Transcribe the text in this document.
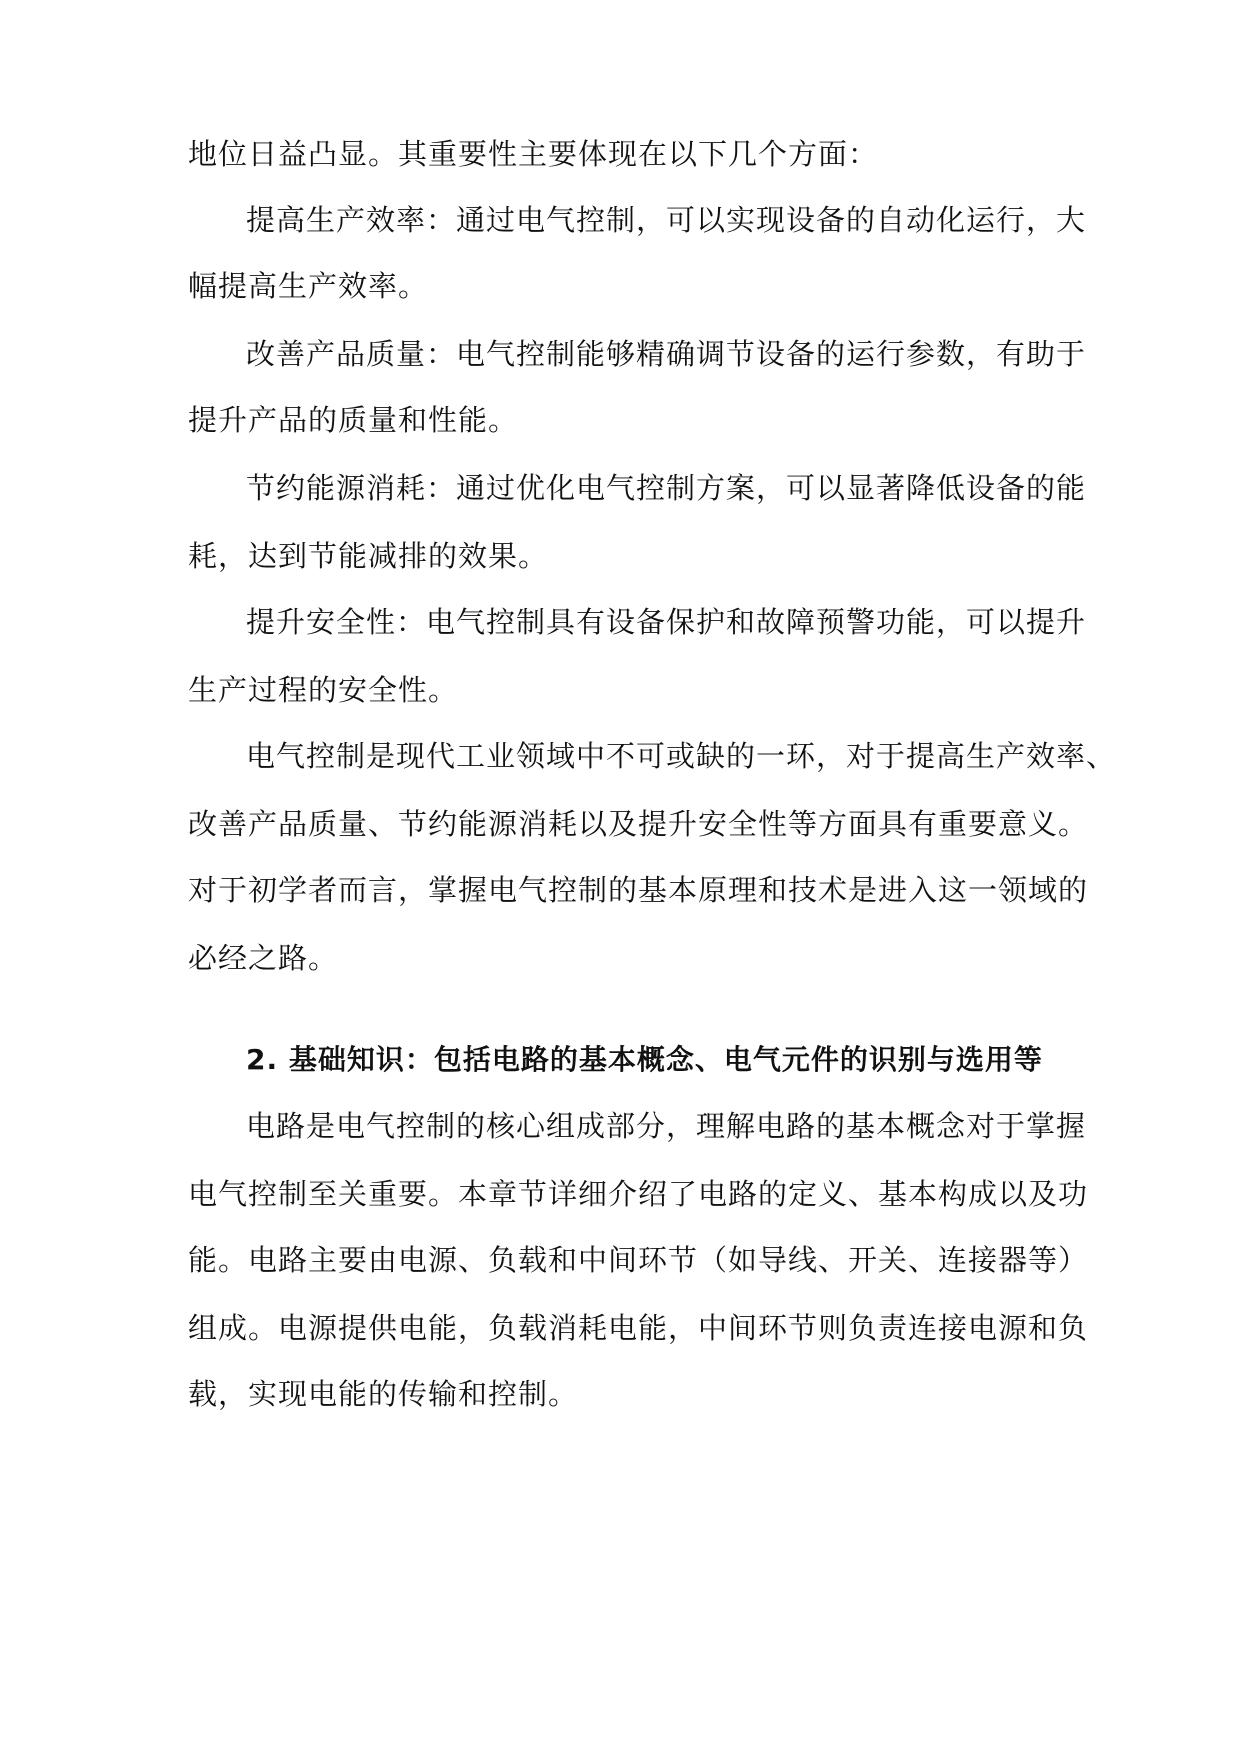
地位日益凸显。其重要性主要体现在以下几个方面：
提高生产效率：通过电气控制，可以实现设备的自动化运行，大
幅提高生产效率。
改善产品质量：电气控制能够精确调节设备的运行参数，有助于
提升产品的质量和性能。
节约能源消耗：通过优化电气控制方案，可以显著降低设备的能
耗，达到节能减排的效果。
提升安全性：电气控制具有设备保护和故障预警功能，可以提升
生产过程的安全性。
电气控制是现代工业领域中不可或缺的一环，对于提高生产效率、
改善产品质量、节约能源消耗以及提升安全性等方面具有重要意义。
对于初学者而言，掌握电气控制的基本原理和技术是进入这一领域的
必经之路。
2. 基础知识：包括电路的基本概念、电气元件的识别与选用等
电路是电气控制的核心组成部分，理解电路的基本概念对于掌握
电气控制至关重要。本章节详细介绍了电路的定义、基本构成以及功
能。电路主要由电源、负载和中间环节（如导线、开关、连接器等）
组成。电源提供电能，负载消耗电能，中间环节则负责连接电源和负
载，实现电能的传输和控制。
